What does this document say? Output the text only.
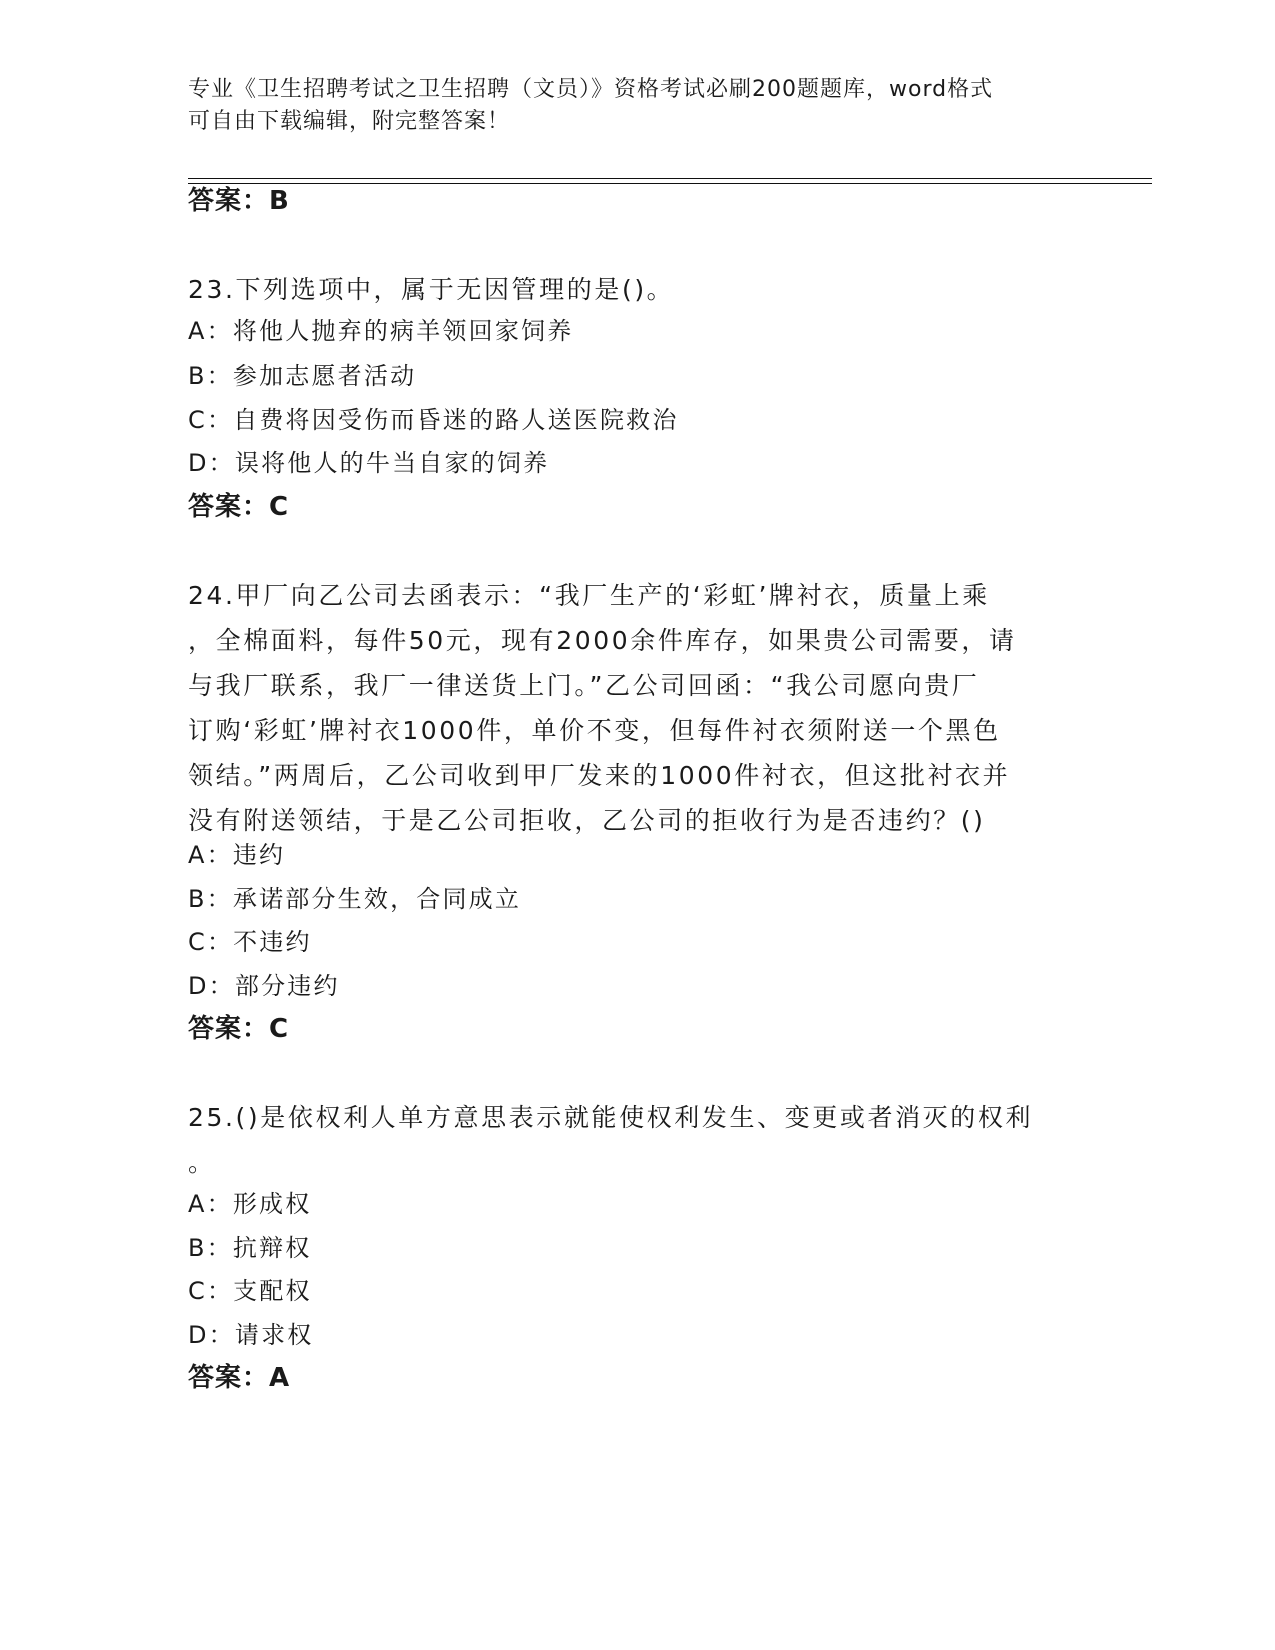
专业《卫生招聘考试之卫生招聘（文员）》资格考试必刷200题题库，word格式
可自由下载编辑，附完整答案！
答案：B
23.下列选项中，属于无因管理的是()。
A：将他人抛弃的病羊领回家饲养
B：参加志愿者活动
C：自费将因受伤而昏迷的路人送医院救治
D：误将他人的牛当自家的饲养
答案：C
24.甲厂向乙公司去函表示：“我厂生产的‘彩虹’牌衬衣，质量上乘
，全棉面料，每件50元，现有2000余件库存，如果贵公司需要，请
与我厂联系，我厂一律送货上门。”乙公司回函：“我公司愿向贵厂
订购‘彩虹’牌衬衣1000件，单价不变，但每件衬衣须附送一个黑色
领结。”两周后，乙公司收到甲厂发来的1000件衬衣，但这批衬衣并
没有附送领结，于是乙公司拒收，乙公司的拒收行为是否违约？()
A：违约
B：承诺部分生效，合同成立
C：不违约
D：部分违约
答案：C
25.()是依权利人单方意思表示就能使权利发生、变更或者消灭的权利
。
A：形成权
B：抗辩权
C：支配权
D：请求权
答案：A
